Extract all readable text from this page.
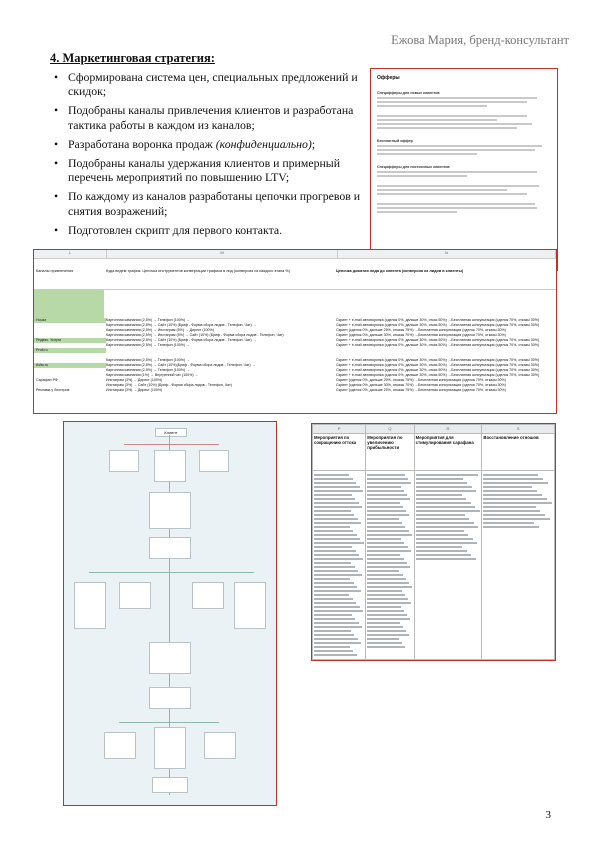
Ежова Мария, бренд-консультант
4. Маркетинговая стратегия:
• Сформирована система цен, специальных предложений и скидок;
• Подобраны каналы привлечения клиентов и разработана тактика работы в каждом из каналов;
• Разработана воронка продаж (конфиденциально);
• Подобраны каналы удержания клиентов и примерный перечень мероприятий по повышению LTV;
• По каждому из каналов разработаны цепочки прогревов и снятия возражений;
• Подготовлен скрипт для первого контакта.
Офферы
Спецофферы для новых клиентов
Бесплатный оффер
Спецофферы для постоянных клиентов
L	M	N
Каналы привлечения	Куда ведем трафик. Цепочка инструментов конвертации трафика в лид (конверсия из каждого этапа %)	Цепочка дожатия лида до клиента (конверсия из лидов в клиенты)
Houzz	Картонная кампания (2,5%) → Телефон (100%) →	Скрипт + e-mail автоворонка (сделок 0%, дальше 30%, отказ 50%) →Бесплатная консультация (сделок 70%, отказы 30%)
Картонная кампания (2,5%) → Сайт (10%) (Бриф - Форма сбора лидов - Телефон, Чат) →	Скрипт + e-mail автоворонка (сделок 0%, дальше 30%, отказ 50%) →Бесплатная консультация (сделок 70%, отказы 30%)
Картонная кампания (2,5%) → Инстаграм (5%) → Директ (100%)	Скрипт (сделок 0%, дальше 25%, отказы 75%) →Бесплатная консультация (сделок 70%, отказы 30%)
Картонная кампания (2,5%) → Инстаграм (5%) → Сайт (10%) (Бриф - Форма сбора лидов - Телефон, Чат)	Скрипт (сделок 0%, дальше 30%, отказы 70%) →Бесплатная консультация (сделок 70%, отказы 30%)
Яндекс. Услуги	Картонная кампания (2,5%) → Сайт (10%) (Бриф - Форма сбора лидов - Телефон, Чат) →	Скрипт + e-mail автоворонка (сделок 0%, дальше 30%, отказ 50%) →Бесплатная консультация (сделок 70%, отказы 30%)
Картонная кампания (2,5%) → Телефон (100%) →	Скрипт + e-mail автоворонка (сделок 0%, дальше 30%, отказ 50%) →Бесплатная консультация (сделок 70%, отказы 30%)
Profi.ru
Картонная кампания (2,5%) → Телефон (100%) →	Скрипт + e-mail автоворонка (сделок 0%, дальше 30%, отказ 50%) →Бесплатная консультация (сделок 70%, отказы 30%)
Avito.ru	Картонная кампания (2,5%) → Сайт (10%)(Бриф - Форма сбора лидов - Телефон, Чат) →	Скрипт + e-mail автоворонка (сделок 0%, дальше 30%, отказ 50%) →Бесплатная консультация (сделок 70%, отказы 30%)
Картонная кампания (2,5%) → Телефон (100%) →	Скрипт + e-mail автоворонка (сделок 0%, дальше 30%, отказ 50%) →Бесплатная консультация (сделок 70%, отказы 30%)
Картонная кампания (1%) → Внутренний чат (100%) →	Скрипт + e-mail автоворонка (сделок 0%, дальше 30%, отказ 50%) →Бесплатная консультация (сделок 70%, отказы 30%)
Сарафан РФ	Инстаграм (3%) → Директ (100%)	Скрипт (сделок 0%, дальше 25%, отказы 75%) →Бесплатная консультация (сделок 70%, отказы 30%)
Инстаграм (3%) → Сайт (10%) (Бриф - Форма сбора лидов - Телефон, Чат)	Скрипт (сделок 0%, дальше 30%, отказы 70%) →Бесплатная консультация (сделок 70%, отказы 30%)
Реклама у блогеров	Инстаграм (3%) → Директ (100%)	Скрипт (сделок 0%, дальше 25%, отказы 75%) →Бесплатная консультация (сделок 70%, отказы 30%)
Клиент
P	Q	R	S
Мероприятия по сокращению оттока	Мероприятия по увеличению прибыльности	Мероприятия для стимулирования сарафана	Восстановление отношов

3
